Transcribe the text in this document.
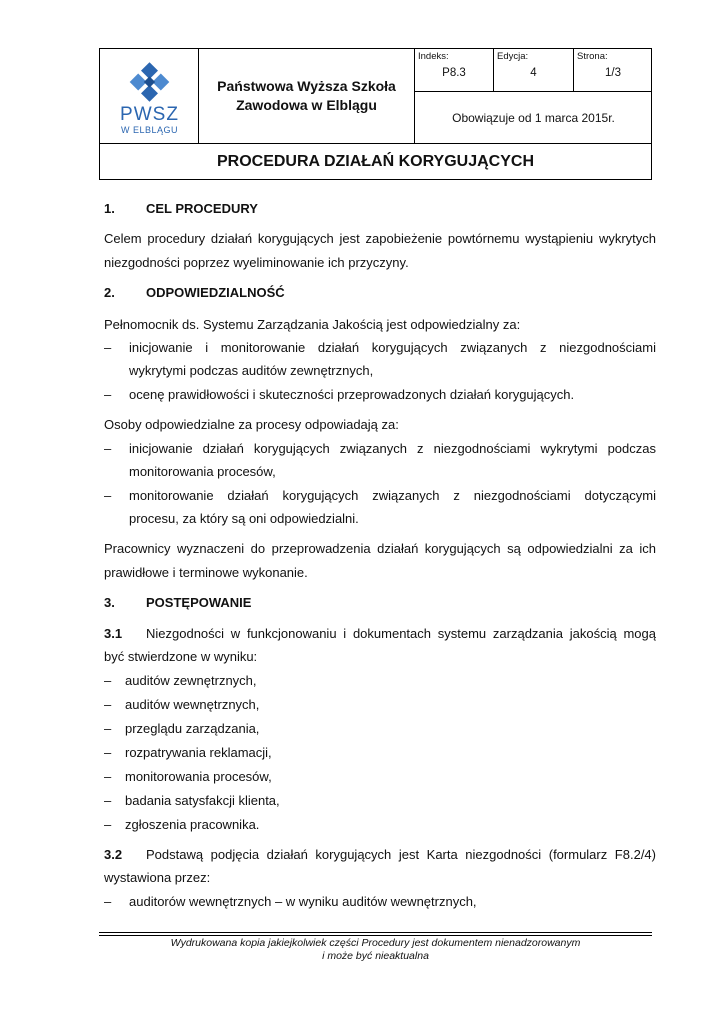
PWSZ
W ELBLĄGU
Państwowa Wyższa Szkoła
Zawodowa w Elblągu
Indeks:
P8.3
Edycja:
4
Strona:
1/3
Obowiązuje od 1 marca 2015r.
PROCEDURA DZIAŁAŃ KORYGUJĄCYCH
1. CEL PROCEDURY
Celem procedury działań korygujących jest zapobieżenie powtórnemu wystąpieniu wykrytych
niezgodności poprzez wyeliminowanie ich przyczyny.
2. ODPOWIEDZIALNOŚĆ
Pełnomocnik ds. Systemu Zarządzania Jakością jest odpowiedzialny za:
– inicjowanie i monitorowanie działań korygujących związanych z niezgodnościami
wykrytymi podczas auditów zewnętrznych,
– ocenę prawidłowości i skuteczności przeprowadzonych działań korygujących.
Osoby odpowiedzialne za procesy odpowiadają za:
– inicjowanie działań korygujących związanych z niezgodnościami wykrytymi podczas
monitorowania procesów,
– monitorowanie działań korygujących związanych z niezgodnościami dotyczącymi
procesu, za który są oni odpowiedzialni.
Pracownicy wyznaczeni do przeprowadzenia działań korygujących są odpowiedzialni za ich
prawidłowe i terminowe wykonanie.
3. POSTĘPOWANIE
3.1 Niezgodności w funkcjonowaniu i dokumentach systemu zarządzania jakością mogą
być stwierdzone w wyniku:
– auditów zewnętrznych,
– auditów wewnętrznych,
– przeglądu zarządzania,
– rozpatrywania reklamacji,
– monitorowania procesów,
– badania satysfakcji klienta,
– zgłoszenia pracownika.
3.2 Podstawą podjęcia działań korygujących jest Karta niezgodności (formularz F8.2/4)
wystawiona przez:
– auditorów wewnętrznych – w wyniku auditów wewnętrznych,
Wydrukowana kopia jakiejkolwiek części Procedury jest dokumentem nienadzorowanym
i może być nieaktualna
